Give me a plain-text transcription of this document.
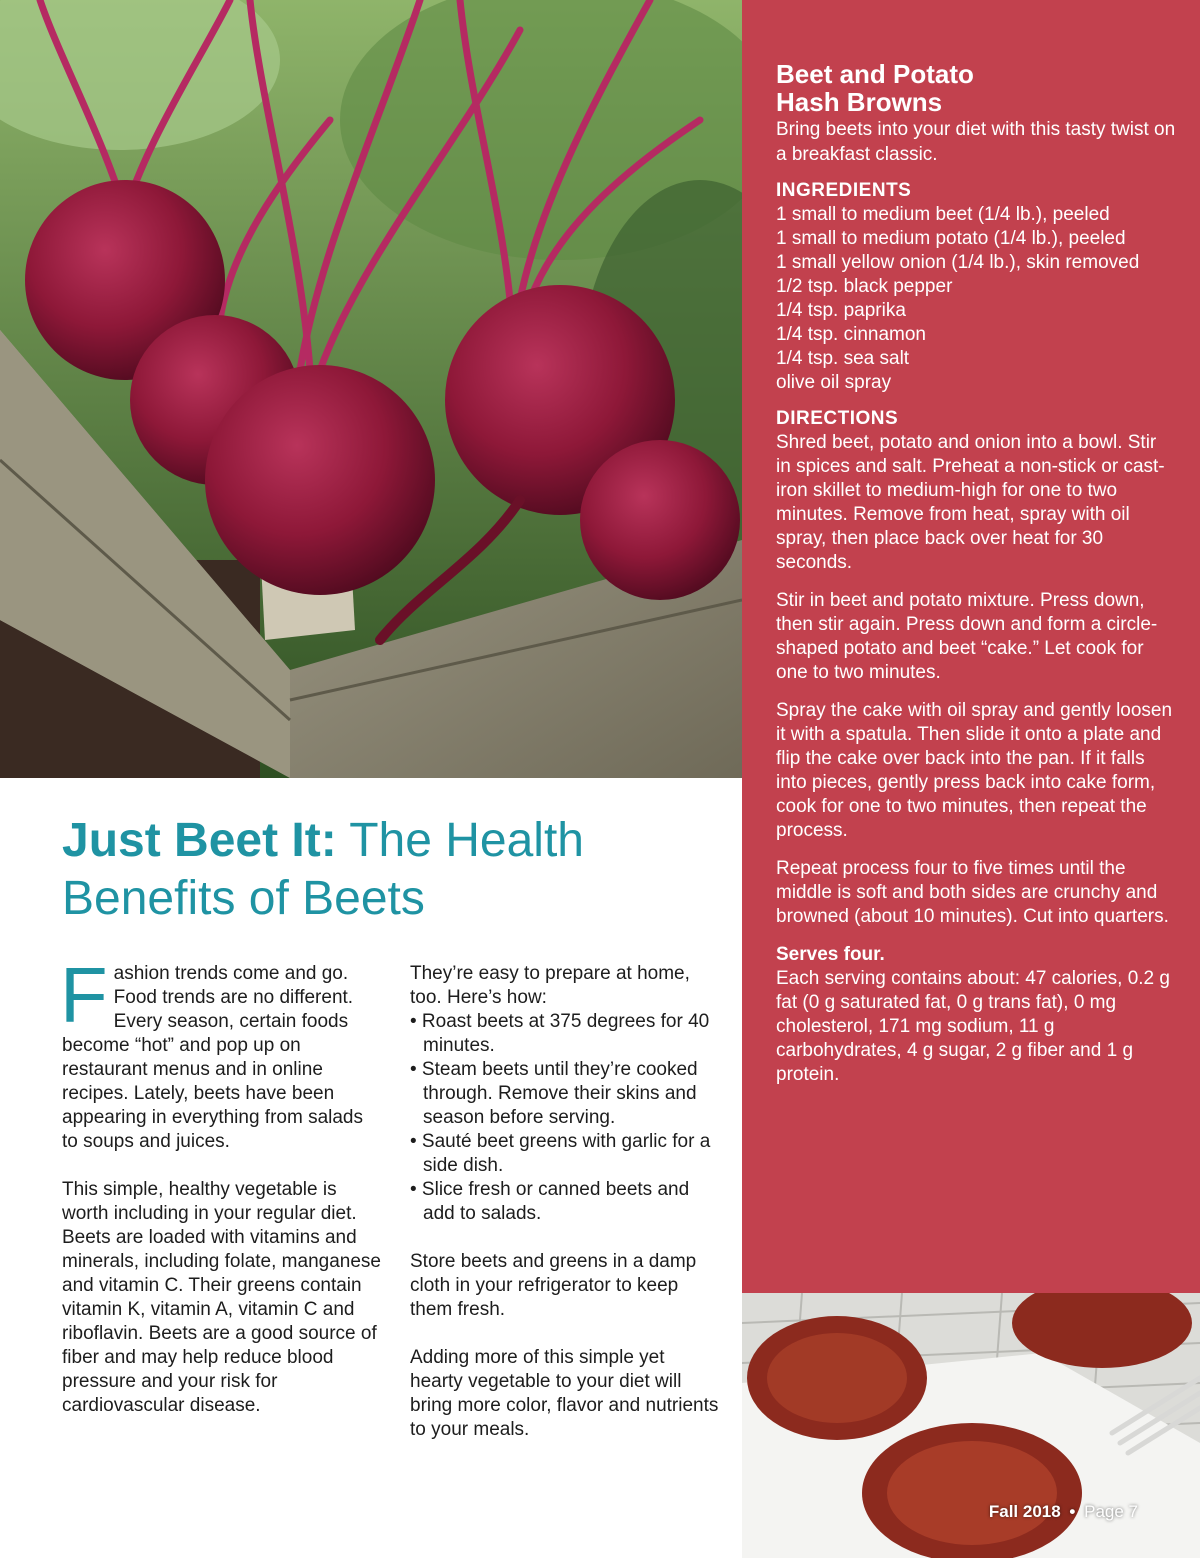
Beet and Potato
Hash Browns

Bring beets into your diet with this tasty twist on a breakfast classic.

INGREDIENTS
1 small to medium beet (1/4 lb.), peeled
1 small to medium potato (1/4 lb.), peeled
1 small yellow onion (1/4 lb.), skin removed
1/2 tsp. black pepper
1/4 tsp. paprika
1/4 tsp. cinnamon
1/4 tsp. sea salt
olive oil spray
DIRECTIONS

Shred beet, potato and onion into a bowl. Stir in spices and salt. Preheat a non-stick or cast-iron skillet to medium-high for one to two minutes. Remove from heat, spray with oil spray, then place back over heat for 30 seconds.

Stir in beet and potato mixture. Press down, then stir again. Press down and form a circle-shaped potato and beet “cake.” Let cook for one to two minutes.

Spray the cake with oil spray and gently loosen it with a spatula. Then slide it onto a plate and flip the cake over back into the pan. If it falls into pieces, gently press back into cake form, cook for one to two minutes, then repeat the process.

Repeat process four to five times until the middle is soft and both sides are crunchy and browned (about 10 minutes). Cut into quarters.

Serves four.

Each serving contains about: 47 calories, 0.2 g fat (0 g saturated fat, 0 g trans fat), 0 mg cholesterol, 171 mg sodium, 11 g carbohydrates, 4 g sugar, 2 g fiber and 1 g protein.

Fall 2018 • Page 7
Just Beet It: The Health Benefits of Beets

Fashion trends come and go. Food trends are no different. Every season, certain foods become “hot” and pop up on restaurant menus and in online recipes. Lately, beets have been appearing in everything from salads to soups and juices.

This simple, healthy vegetable is worth including in your regular diet. Beets are loaded with vitamins and minerals, including folate, manganese and vitamin C. Their greens contain vitamin K, vitamin A, vitamin C and riboflavin. Beets are a good source of fiber and may help reduce blood pressure and your risk for cardiovascular disease.

They’re easy to prepare at home, too. Here’s how:

• Roast beets at 375 degrees for 40 minutes.
• Steam beets until they’re cooked through. Remove their skins and season before serving.
• Sauté beet greens with garlic for a side dish.
• Slice fresh or canned beets and add to salads.

Store beets and greens in a damp cloth in your refrigerator to keep them fresh.

Adding more of this simple yet hearty vegetable to your diet will bring more color, flavor and nutrients to your meals.
